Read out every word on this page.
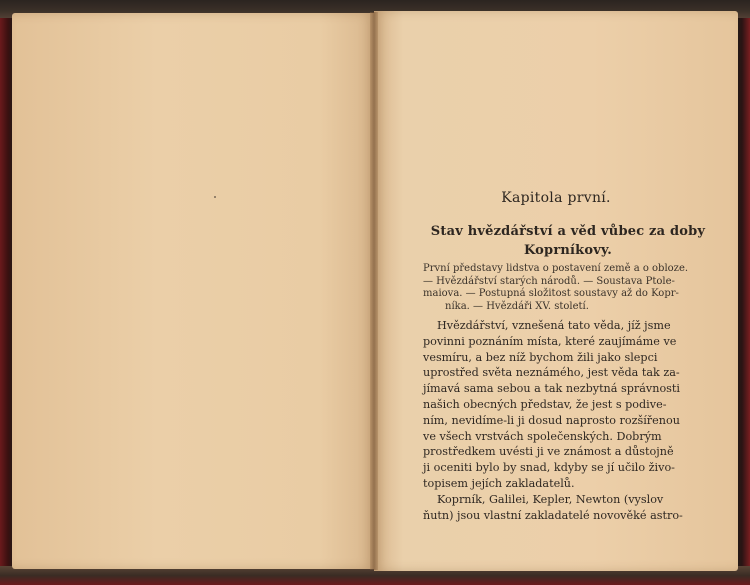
Kapitola první.
Stav hvězdářství a věd vůbec za doby
Koprníkovy.
První představy lidstva o postavení země a o obloze.
— Hvězdářství starých národů. — Soustava Ptole-
maiova. — Postupná složitost soustavy až do Kopr-
níka. — Hvězdáři XV. století.
Hvězdářství, vznešená tato věda, jíž jsme
povinni poznáním místa, které zaujímáme ve
vesmíru, a bez níž bychom žili jako slepci
uprostřed světa neznámého, jest věda tak za-
jímavá sama sebou a tak nezbytná správnosti
našich obecných představ, že jest s podive-
ním, nevidíme-li ji dosud naprosto rozšířenou
ve všech vrstvách společenských. Dobrým
prostředkem uvésti ji ve známost a důstojně
ji oceniti bylo by snad, kdyby se jí učilo živo-
topisem jejích zakladatelů.
Koprník, Galilei, Kepler, Newton (vyslov
ňutn) jsou vlastní zakladatelé novověké astro-
